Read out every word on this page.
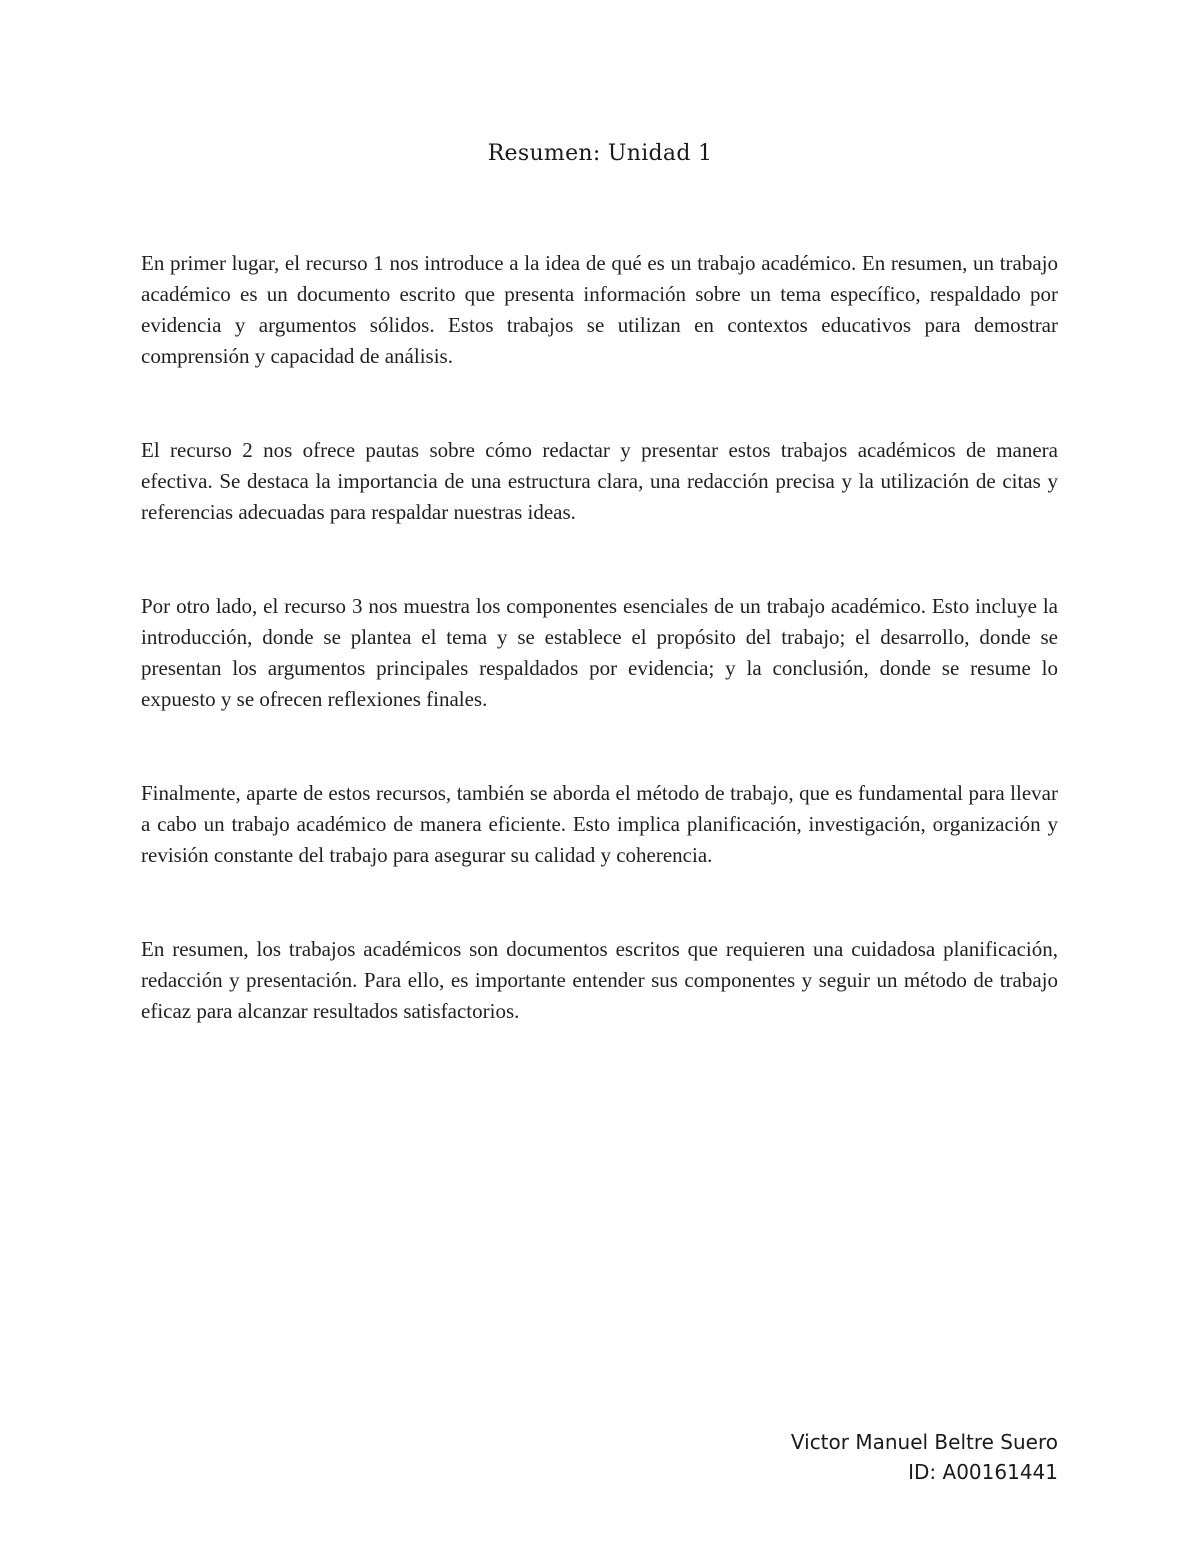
Resumen: Unidad 1

En primer lugar, el recurso 1 nos introduce a la idea de qué es un trabajo académico. En resumen, un trabajo académico es un documento escrito que presenta información sobre un tema específico, respaldado por evidencia y argumentos sólidos. Estos trabajos se utilizan en contextos educativos para demostrar comprensión y capacidad de análisis.

El recurso 2 nos ofrece pautas sobre cómo redactar y presentar estos trabajos académicos de manera efectiva. Se destaca la importancia de una estructura clara, una redacción precisa y la utilización de citas y referencias adecuadas para respaldar nuestras ideas.

Por otro lado, el recurso 3 nos muestra los componentes esenciales de un trabajo académico. Esto incluye la introducción, donde se plantea el tema y se establece el propósito del trabajo; el desarrollo, donde se presentan los argumentos principales respaldados por evidencia; y la conclusión, donde se resume lo expuesto y se ofrecen reflexiones finales.

Finalmente, aparte de estos recursos, también se aborda el método de trabajo, que es fundamental para llevar a cabo un trabajo académico de manera eficiente. Esto implica planificación, investigación, organización y revisión constante del trabajo para asegurar su calidad y coherencia.

En resumen, los trabajos académicos son documentos escritos que requieren una cuidadosa planificación, redacción y presentación. Para ello, es importante entender sus componentes y seguir un método de trabajo eficaz para alcanzar resultados satisfactorios.

Victor Manuel Beltre Suero
ID: A00161441
